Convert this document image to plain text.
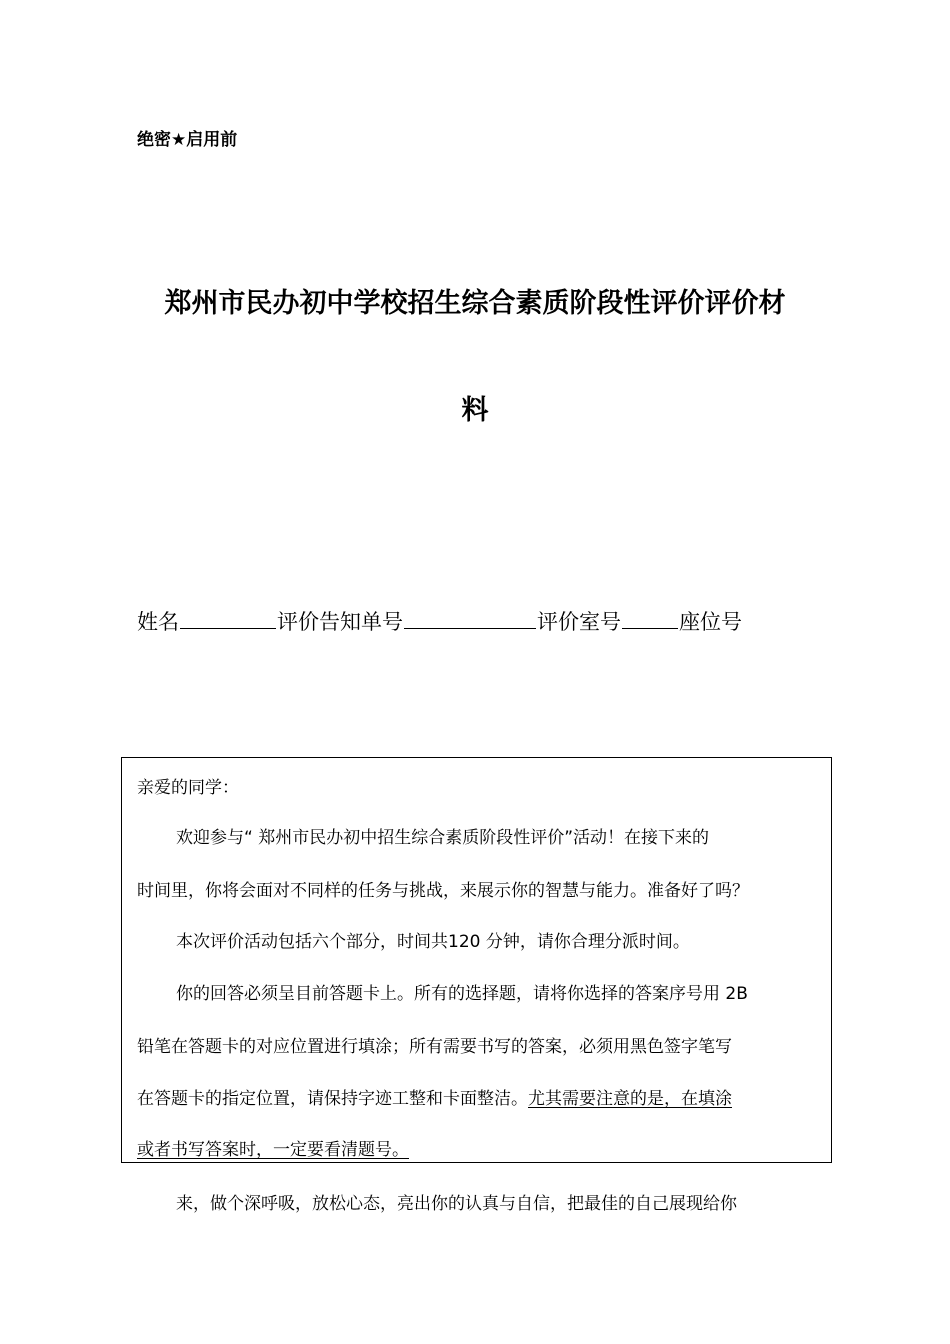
绝密★启用前
郑州市民办初中学校招生综合素质阶段性评价评价材
料
姓名	评价告知单号	评价室号	座位号
亲爱的同学：
欢迎参与“ 郑州市民办初中招生综合素质阶段性评价”活动！在接下来的
时间里，你将会面对不同样的任务与挑战，来展示你的智慧与能力。准备好了吗？
本次评价活动包括六个部分，时间共120 分钟，请你合理分派时间。
你的回答必须呈目前答题卡上。所有的选择题，请将你选择的答案序号用 2B
铅笔在答题卡的对应位置进行填涂；所有需要书写的答案，必须用黑色签字笔写
在答题卡的指定位置，请保持字迹工整和卡面整洁。尤其需要注意的是，在填涂
或者书写答案时，一定要看清题号。
来，做个深呼吸，放松心态，亮出你的认真与自信，把最佳的自己展现给你
